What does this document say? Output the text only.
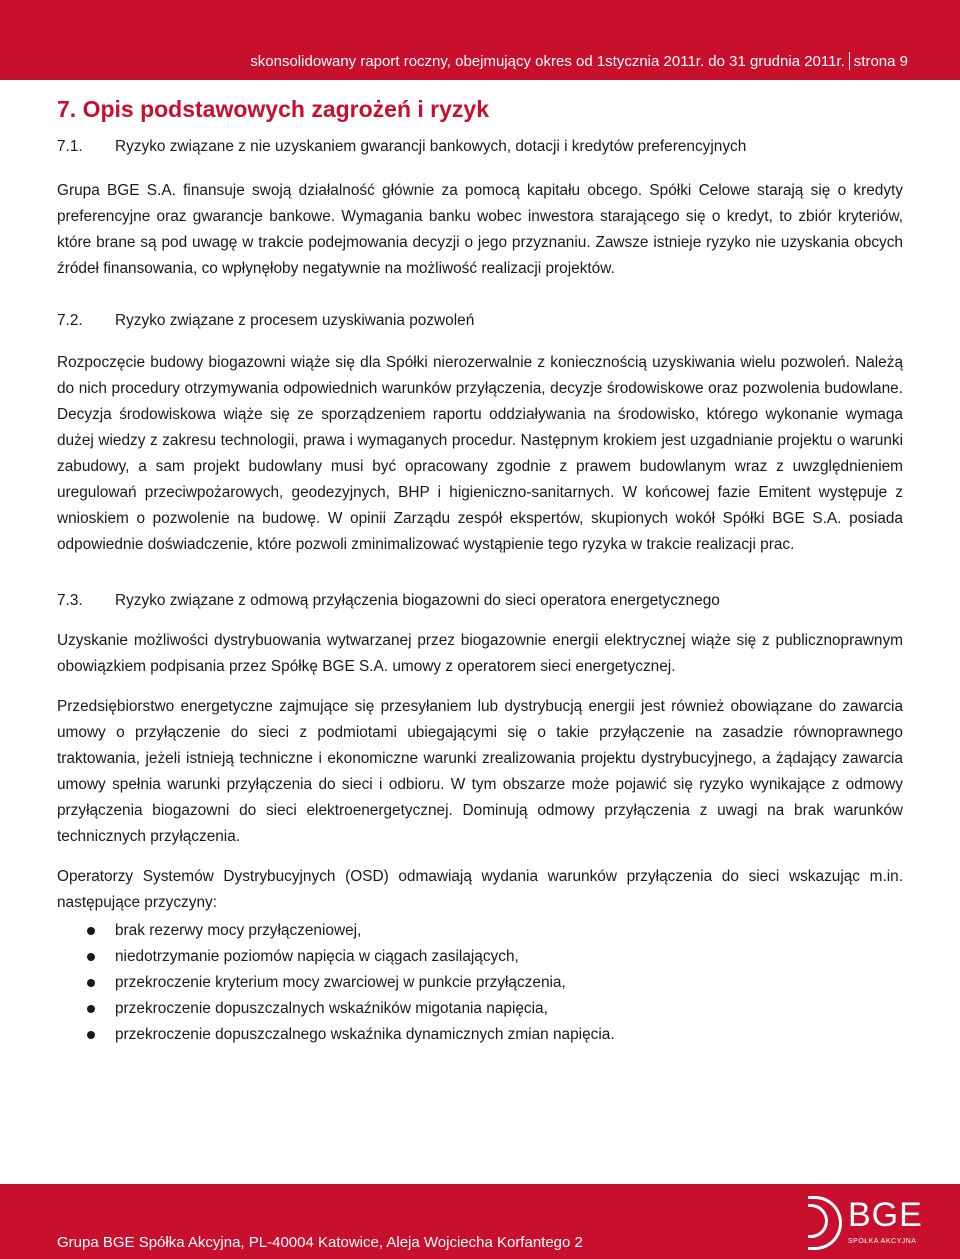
skonsolidowany raport roczny, obejmujący okres od 1stycznia 2011r. do 31 grudnia 2011r. strona 9
7. Opis podstawowych zagrożeń i ryzyk
7.1.	Ryzyko związane z nie uzyskaniem gwarancji bankowych, dotacji i kredytów preferencyjnych

Grupa BGE S.A. finansuje swoją działalność głównie za pomocą kapitału obcego. Spółki Celowe starają się o kredyty preferencyjne oraz gwarancje bankowe. Wymagania banku wobec inwestora starającego się o kredyt, to zbiór kryteriów, które brane są pod uwagę w trakcie podejmowania decyzji o jego przyznaniu. Zawsze istnieje ryzyko nie uzyskania obcych źródeł finansowania, co wpłynęłoby negatywnie na możliwość realizacji projektów.

7.2.	Ryzyko związane z procesem uzyskiwania pozwoleń

Rozpoczęcie budowy biogazowni wiąże się dla Spółki nierozerwalnie z koniecznością uzyskiwania wielu pozwoleń. Należą do nich procedury otrzymywania odpowiednich warunków przyłączenia, decyzje środowiskowe oraz pozwolenia budowlane. Decyzja środowiskowa wiąże się ze sporządzeniem raportu oddziaływania na środowisko, którego wykonanie wymaga dużej wiedzy z zakresu technologii, prawa i wymaganych procedur. Następnym krokiem jest uzgadnianie projektu o warunki zabudowy, a sam projekt budowlany musi być opracowany zgodnie z prawem budowlanym wraz z uwzględnieniem uregulowań przeciwpożarowych, geodezyjnych, BHP i higieniczno-sanitarnych. W końcowej fazie Emitent występuje z wnioskiem o pozwolenie na budowę. W opinii Zarządu zespół ekspertów, skupionych wokół Spółki BGE S.A. posiada odpowiednie doświadczenie, które pozwoli zminimalizować wystąpienie tego ryzyka w trakcie realizacji prac.

7.3.	Ryzyko związane z odmową przyłączenia biogazowni do sieci operatora energetycznego

Uzyskanie możliwości dystrybuowania wytwarzanej przez biogazownie energii elektrycznej wiąże się z publicznoprawnym obowiązkiem podpisania przez Spółkę BGE S.A. umowy z operatorem sieci energetycznej.

Przedsiębiorstwo energetyczne zajmujące się przesyłaniem lub dystrybucją energii jest również obowiązane do zawarcia umowy o przyłączenie do sieci z podmiotami ubiegającymi się o takie przyłączenie na zasadzie równoprawnego traktowania, jeżeli istnieją techniczne i ekonomiczne warunki zrealizowania projektu dystrybucyjnego, a żądający zawarcia umowy spełnia warunki przyłączenia do sieci i odbioru. W tym obszarze może pojawić się ryzyko wynikające z odmowy przyłączenia biogazowni do sieci elektroenergetycznej. Dominują odmowy przyłączenia z uwagi na brak warunków technicznych przyłączenia.

Operatorzy Systemów Dystrybucyjnych (OSD) odmawiają wydania warunków przyłączenia do sieci wskazując m.in. następujące przyczyny:

brak rezerwy mocy przyłączeniowej,
niedotrzymanie poziomów napięcia w ciągach zasilających,
przekroczenie kryterium mocy zwarciowej w punkcie przyłączenia,
przekroczenie dopuszczalnych wskaźników migotania napięcia,
przekroczenie dopuszczalnego wskaźnika dynamicznych zmian napięcia.
Grupa BGE Spółka Akcyjna, PL-40004 Katowice, Aleja Wojciecha Korfantego 2
BGE
SPÓŁKA AKCYJNA
